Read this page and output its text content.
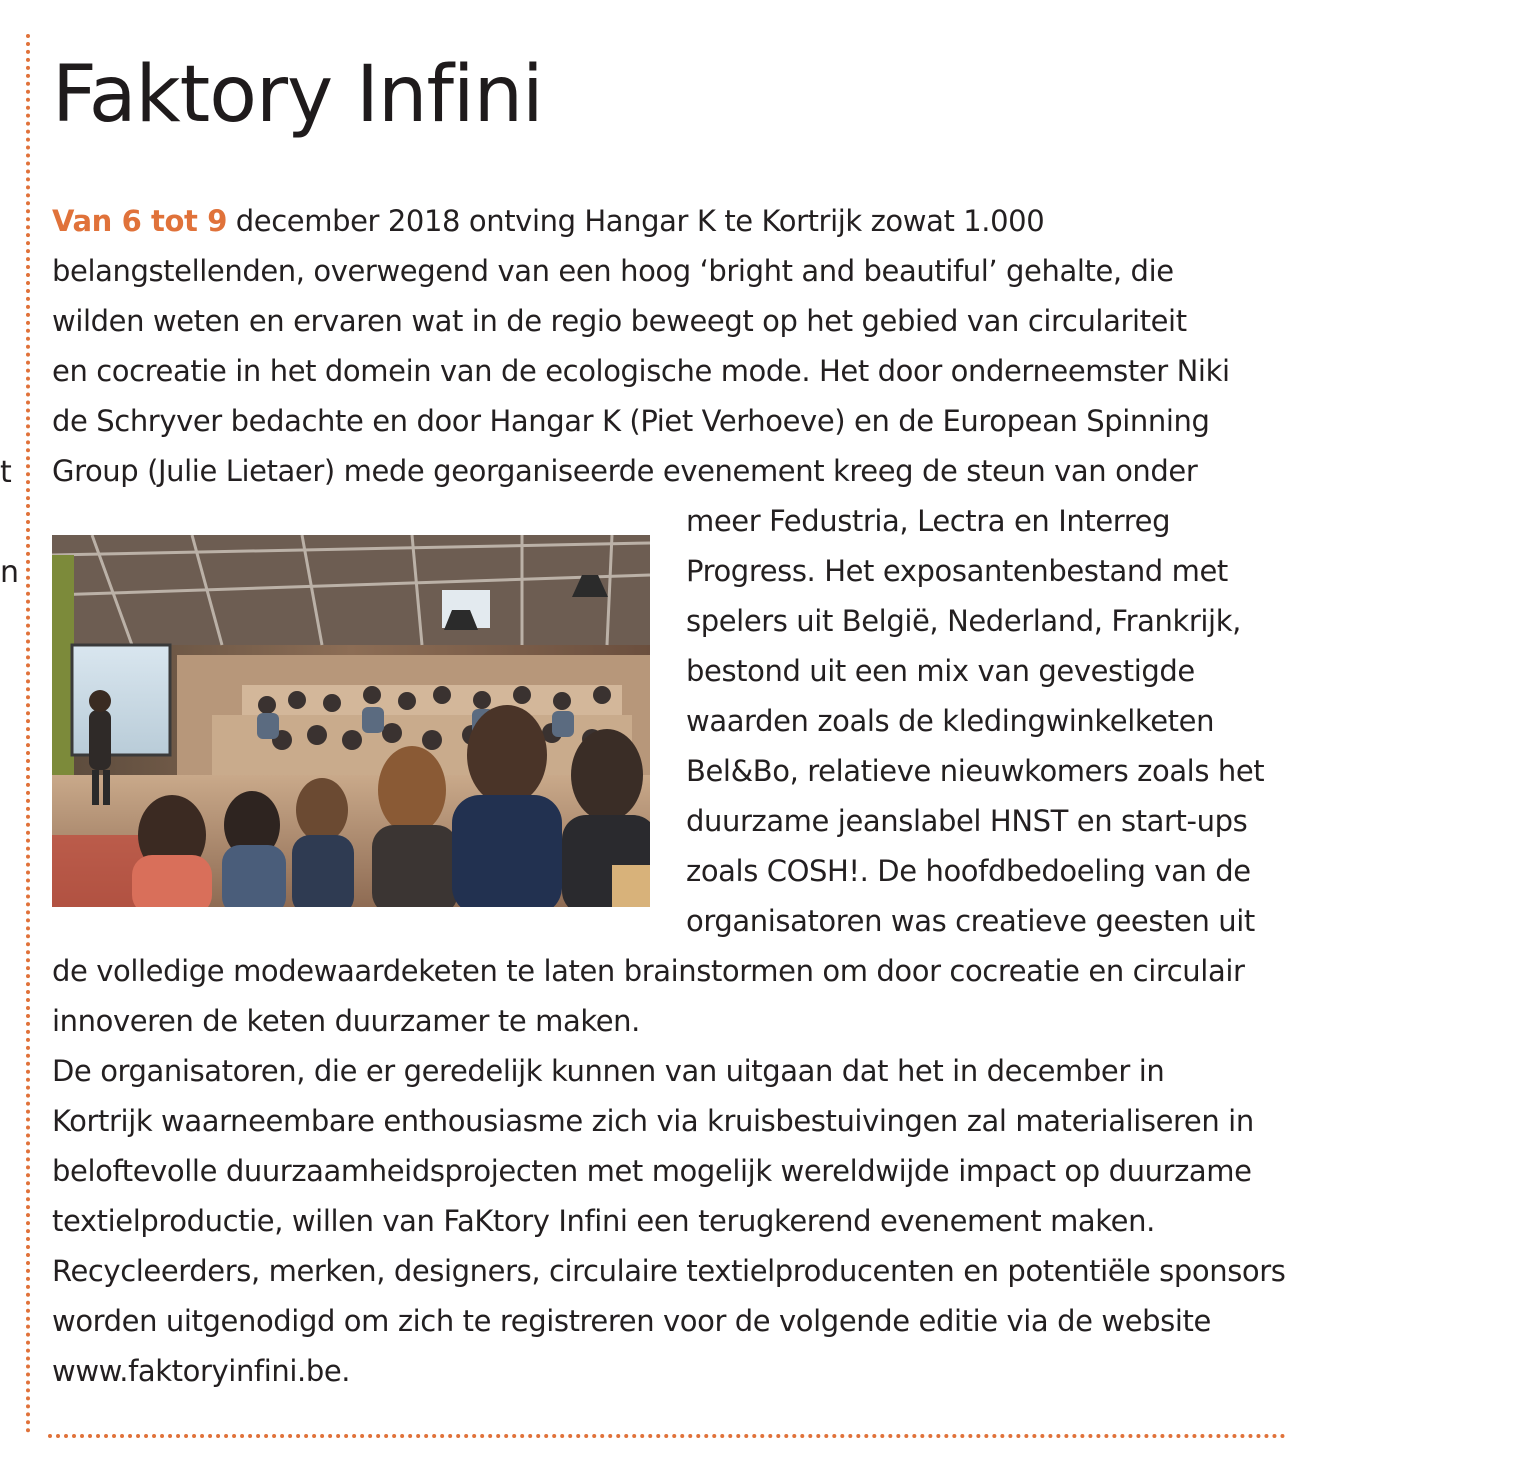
t
n
Faktory Infini
Van 6 tot 9 december 2018 ontving Hangar K te Kortrijk zowat 1.000
belangstellenden, overwegend van een hoog ‘bright and beautiful’ gehalte, die
wilden weten en ervaren wat in de regio beweegt op het gebied van circulariteit
en cocreatie in het domein van de ecologische mode. Het door onderneemster Niki
de Schryver bedachte en door Hangar K (Piet Verhoeve) en de European Spinning
Group (Julie Lietaer) mede georganiseerde evenement kreeg de steun van onder
meer Fedustria, Lectra en Interreg
Progress. Het exposantenbestand met
spelers uit België, Nederland, Frankrijk,
bestond uit een mix van gevestigde
waarden zoals de kledingwinkelketen
Bel&Bo, relatieve nieuwkomers zoals het
duurzame jeanslabel HNST en start-ups
zoals COSH!. De hoofdbedoeling van de
organisatoren was creatieve geesten uit
de volledige modewaardeketen te laten brainstormen om door cocreatie en circulair
innoveren de keten duurzamer te maken.
De organisatoren, die er geredelijk kunnen van uitgaan dat het in december in
Kortrijk waarneembare enthousiasme zich via kruisbestuivingen zal materialiseren in
beloftevolle duurzaamheidsprojecten met mogelijk wereldwijde impact op duurzame
textielproductie, willen van FaKtory Infini een terugkerend evenement maken.
Recycleerders, merken, designers, circulaire textielproducenten en potentiële sponsors
worden uitgenodigd om zich te registreren voor de volgende editie via de website
www.faktoryinfini.be.
